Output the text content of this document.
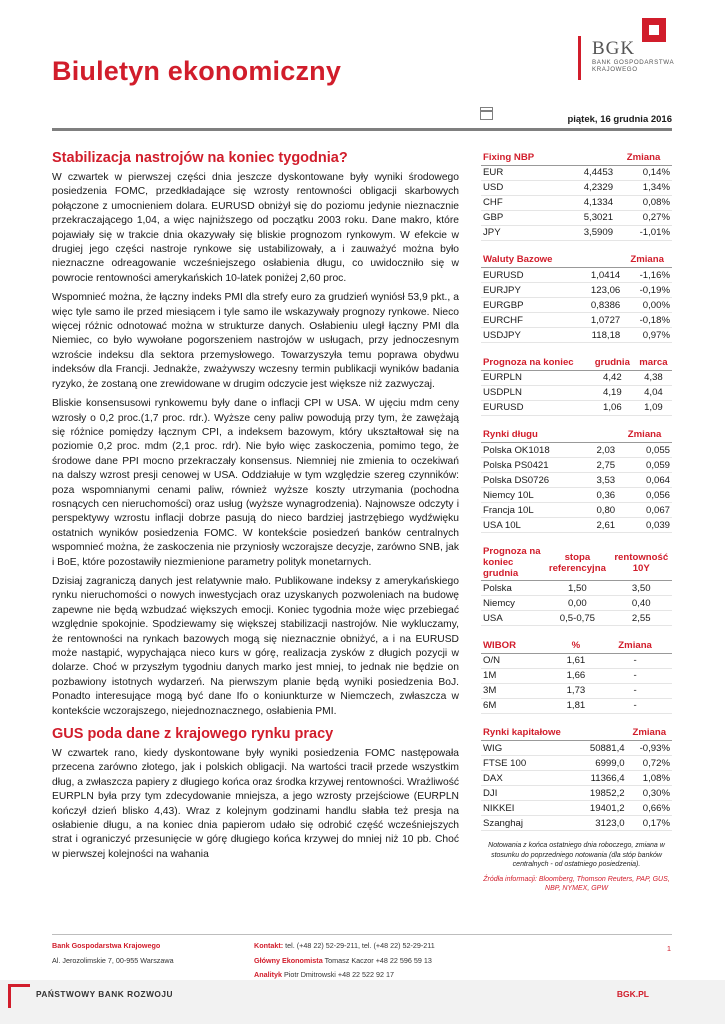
Biuletyn ekonomiczny
BGK
BANK GOSPODARSTWA
KRAJOWEGO
piątek, 16 grudnia 2016
Stabilizacja nastrojów na koniec tygodnia?

W czwartek w pierwszej części dnia jeszcze dyskontowane były wyniki środowego posiedzenia FOMC, przedkładające się wzrosty rentowności obligacji skarbowych połączone z umocnieniem dolara. EURUSD obniżył się do poziomu jedynie nieznacznie przekraczającego 1,04, a więc najniższego od początku 2003 roku. Dane makro, które pojawiały się w trakcie dnia okazywały się bliskie prognozom rynkowym. W efekcie w drugiej jego części nastroje rynkowe się ustabilizowały, a i zauważyć można było nieznaczne odreagowanie wcześniejszego osłabienia długu, co uwidoczniło się w powrocie rentowności amerykańskich 10-latek poniżej 2,60 proc.

Wspomnieć można, że łączny indeks PMI dla strefy euro za grudzień wyniósł 53,9 pkt., a więc tyle samo ile przed miesiącem i tyle samo ile wskazywały prognozy rynkowe. Nieco więcej różnic odnotować można w strukturze danych. Osłabieniu uległ łączny PMI dla Niemiec, co było wywołane pogorszeniem nastrojów w usługach, przy jednoczesnym wzroście indeksu dla sektora przemysłowego. Towarzyszyła temu poprawa obydwu indeksów dla Francji. Jednakże, zważywszy wczesny termin publikacji wyników badania ryzyko, że zostaną one zrewidowane w drugim odczycie jest większe niż zazwyczaj.

Bliskie konsensusowi rynkowemu były dane o inflacji CPI w USA. W ujęciu mdm ceny wzrosły o 0,2 proc.(1,7 proc. rdr.). Wyższe ceny paliw powodują przy tym, że zawężają się różnice pomiędzy łącznym CPI, a indeksem bazowym, który ukształtował się na poziomie 0,2 proc. mdm (2,1 proc. rdr). Nie było więc zaskoczenia, pomimo tego, że środowe dane PPI mocno przekraczały konsensus. Niemniej nie zmienia to oczekiwań na dalszy wzrost presji cenowej w USA. Oddziałuje w tym względzie szereg czynników: poza wspomnianymi cenami paliw, również wyższe koszty utrzymania (pochodna rosnących cen nieruchomości) oraz usług (wyższe wynagrodzenia). Najnowsze odczyty i perspektywy wzrostu inflacji dobrze pasują do nieco bardziej jastrzębiego wydźwięku ostatnich wyników posiedzenia FOMC. W kontekście posiedzeń banków centralnych wspomnieć można, że zaskoczenia nie przyniosły wczorajsze decyzje, zarówno SNB, jak i BoE, które pozostawiły niezmienione parametry polityk monetarnych.

Dzisiaj zagraniczą danych jest relatywnie mało. Publikowane indeksy z amerykańskiego rynku nieruchomości o nowych inwestycjach oraz uzyskanych pozwoleniach na budowę zapewne nie będą wzbudzać większych emocji. Koniec tygodnia może więc przebiegać względnie spokojnie. Spodziewamy się większej stabilizacji nastrojów. Nie wykluczamy, że rentowności na rynkach bazowych mogą się nieznacznie obniżyć, a i na EURUSD może nastąpić, wypychająca nieco kurs w górę, realizacja zysków z długich pozycji w dolarze. Choć w przyszłym tygodniu danych marko jest mniej, to jednak nie będzie on pozbawiony istotnych wydarzeń. Na pierwszym planie będą wyniki posiedzenia BoJ. Ponadto interesujące mogą być dane Ifo o koniunkturze w Niemczech, zwłaszcza w kontekście wczorajszego, niejednoznacznego, osłabienia PMI.

GUS poda dane z krajowego rynku pracy

W czwartek rano, kiedy dyskontowane były wyniki posiedzenia FOMC następowała przecena zarówno złotego, jak i polskich obligacji. Na wartości tracił przede wszystkim dług, a zwłaszcza papiery z długiego końca oraz środka krzywej rentowności. Wrażliwość EURPLN była przy tym zdecydowanie mniejsza, a jego wzrosty przejściowe (EURPLN kończył dzień blisko 4,43). Wraz z kolejnym godzinami handlu słabła też presja na osłabienie długu, a na koniec dnia papierom udało się odrobić część wcześniejszych strat i ograniczyć przesunięcie w górę długiego końca krzywej do mniej niż 10 pb. Choć w pierwszej kolejności na wahania

Fixing NBP		Zmiana
EUR	4,4453	0,14%
USD	4,2329	1,34%
CHF	4,1334	0,08%
GBP	5,3021	0,27%
JPY	3,5909	-1,01%
Waluty Bazowe		Zmiana
EURUSD	1,0414	-1,16%
EURJPY	123,06	-0,19%
EURGBP	0,8386	0,00%
EURCHF	1,0727	-0,18%
USDJPY	118,18	0,97%
Prognoza na koniec	grudnia	marca
EURPLN	4,42	4,38
USDPLN	4,19	4,04
EURUSD	1,06	1,09
Rynki długu		Zmiana
Polska OK1018	2,03	0,055
Polska PS0421	2,75	0,059
Polska DS0726	3,53	0,064
Niemcy 10L	0,36	0,056
Francja 10L	0,80	0,067
USA 10L	2,61	0,039
Prognoza na koniec grudnia	stopa referencyjna	rentowność 10Y
Polska	1,50	3,50
Niemcy	0,00	0,40
USA	0,5-0,75	2,55
WIBOR	%	Zmiana
O/N	1,61	-
1M	1,66	-
3M	1,73	-
6M	1,81	-
Rynki kapitałowe		Zmiana
WIG	50881,4	-0,93%
FTSE 100	6999,0	0,72%
DAX	11366,4	1,08%
DJI	19852,2	0,30%
NIKKEI	19401,2	0,66%
Szanghaj	3123,0	0,17%
Notowania z końca ostatniego dnia roboczego, zmiana w stosunku do poprzedniego notowania (dla stóp banków centralnych - od ostatniego posiedzenia).
Źródła informacji: Bloomberg, Thomson Reuters, PAP, GUS, NBP, NYMEX, GPW
Bank Gospodarstwa Krajowego
Al. Jerozolimskie 7, 00-955 Warszawa
Kontakt: tel. (+48 22) 52-29-211, tel. (+48 22) 52-29-211
Główny Ekonomista Tomasz Kaczor +48 22 596 59 13
Analityk Piotr Dmitrowski +48 22 522 92 17
1
PAŃSTWOWY BANK ROZWOJU	BGK.PL
